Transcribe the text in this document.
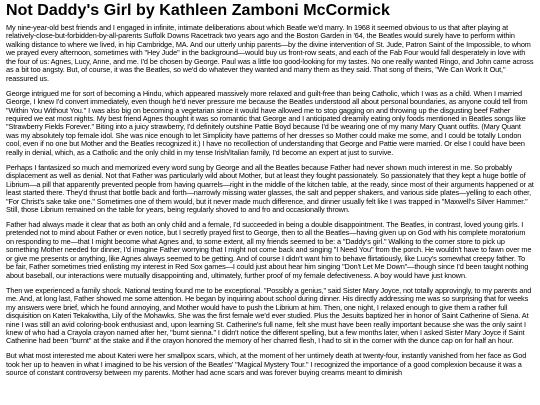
Not Daddy's Girl by Kathleen Zamboni McCormick

My nine-year-old best friends and I engaged in infinite, intimate deliberations about which Beatle we'd marry. In 1968 it seemed obvious to us that after playing at relatively-close-but-forbidden-by-all-parents Suffolk Downs Racetrack two years ago and the Boston Garden in '64, the Beatles would surely have to perform within walking distance to where we lived, in hip Cambridge, MA. And our utterly unhip parents—by the divine intervention of St. Jude, Patron Saint of the Impossible, to whom we prayed every afternoon, sometimes with "Hey Jude" in the background—would buy us front-row seats, and each of the Fab Four would fall desperately in love with the four of us: Agnes, Lucy, Anne, and me. I'd be chosen by George. Paul was a little too good-looking for my tastes. No one really wanted Ringo, and John came across as a bit too angsty. But, of course, it was the Beatles, so we'd do whatever they wanted and marry them as they said. That song of theirs, "We Can Work It Out," reassured us.

George intrigued me for sort of becoming a Hindu, which appeared massively more relaxed and guilt-free than being Catholic, which I was as a child. When I married George, I knew I'd convert immediately, even though he'd never pressure me because the Beatles understood all about personal boundaries, as anyone could tell from "Within You Without You." I was also big on becoming a vegetarian since it would have allowed me to stop gagging on and throwing up the disgusting beef Father required we eat most nights. My best friend Agnes thought it was so romantic that George and I anticipated dreamily eating only foods mentioned in Beatles songs like "Strawberry Fields Forever." Biting into a juicy strawberry, I'd definitely outshine Pattie Boyd because I'd be wearing one of my many Mary Quant outfits. (Mary Quant was my absolutely top female idol. She was nice enough to let Simplicity have patterns of her dresses so Mother could make me some, and I could be totally London cool, even if no one but Mother and the Beatles recognized it.) I have no recollection of understanding that George and Pattie were married. Or else I could have been really in denial, which, as a Catholic and the only child in my tense Irish/Italian family, I'd become an expert at just to survive.

Perhaps I fantasized so much and memorized every word sung by George and all the Beatles because Father had never shown much interest in me. So probably displacement as well as denial. Not that Father was particularly wild about Mother, but at least they fought passionately. So passionately that they kept a huge bottle of Librium—a pill that apparently prevented people from having quarrels—right in the middle of the kitchen table, at the ready, since most of their arguments happened or at least started there. They'd thrust that bottle back and forth—narrowly missing water glasses, the salt and pepper shakers, and various side plates—yelling to each other, "For Christ's sake take one." Sometimes one of them would, but it never made much difference, and dinner usually felt like I was trapped in "Maxwell's Silver Hammer." Still, those Librium remained on the table for years, being regularly shoved to and fro and occasionally thrown.

Father had always made it clear that as both an only child and a female, I'd succeeded in being a double disappointment. The Beatles, in contrast, loved young girls. I pretended not to mind about Father or even notice, but I secretly prayed first to George, then to all the Beatles—having given up on God with his complete moratorium on responding to me—that I might become what Agnes and, to some extent, all my friends seemed to be: a "Daddy's girl." Walking to the corner store to pick up something Mother needed for dinner, I'd imagine Father worrying that I might not come back and singing "I Need You" from the porch. He wouldn't have to fawn over me or give me presents or anything, like Agnes always seemed to be getting. And of course I didn't want him to behave flirtatiously, like Lucy's somewhat creepy father. To be fair, Father sometimes tried enlisting my interest in Red Sox games—I could just about hear him singing "Don't Let Me Down"—though since I'd been taught nothing about baseball, our interactions were mutually disappointing and, ultimately, further proof of my female defectiveness. A boy would have just known.

Then we experienced a family shock. National testing found me to be exceptional. "Possibly a genius," said Sister Mary Joyce, not totally approvingly, to my parents and me. And, at long last, Father showed me some attention. He began by inquiring about school during dinner. His directly addressing me was so surprising that for weeks my answers were brief, which he found annoying, and Mother would have to push the Librium at him. Then, one night, I relaxed enough to give them a rather full disquisition on Kateri Tekakwitha, Lily of the Mohawks. She was the first female we'd ever studied. Plus the Jesuits baptized her in honor of Saint Catherine of Siena. At nine I was still an avid coloring-book enthusiast and, upon learning St. Catherine's full name, felt she must have been really important because she was the only saint I knew of who had a Crayola crayon named after her, "burnt sienna." I didn't notice the different spelling, but a few months later, when I asked Sister Mary Joyce if Saint Catherine had been "burnt" at the stake and if the crayon honored the memory of her charred flesh, I had to sit in the corner with the dunce cap on for half an hour.

But what most interested me about Kateri were her smallpox scars, which, at the moment of her untimely death at twenty-four, instantly vanished from her face as God took her up to heaven in what I imagined to be his version of the Beatles' "Magical Mystery Tour." I recognized the importance of a good complexion because it was a source of constant controversy between my parents. Mother had acne scars and was forever buying creams meant to diminish
